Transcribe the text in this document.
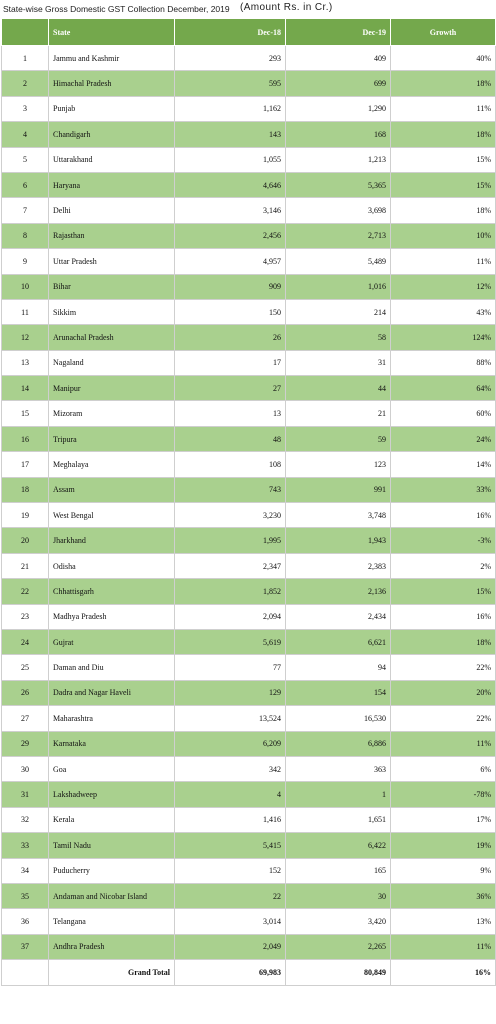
State-wise Gross Domestic GST Collection December, 2019 (Amount Rs. in Cr.)
	State	Dec-18	Dec-19	Growth
1	Jammu and Kashmir	293	409	40%
2	Himachal Pradesh	595	699	18%
3	Punjab	1,162	1,290	11%
4	Chandigarh	143	168	18%
5	Uttarakhand	1,055	1,213	15%
6	Haryana	4,646	5,365	15%
7	Delhi	3,146	3,698	18%
8	Rajasthan	2,456	2,713	10%
9	Uttar Pradesh	4,957	5,489	11%
10	Bihar	909	1,016	12%
11	Sikkim	150	214	43%
12	Arunachal Pradesh	26	58	124%
13	Nagaland	17	31	88%
14	Manipur	27	44	64%
15	Mizoram	13	21	60%
16	Tripura	48	59	24%
17	Meghalaya	108	123	14%
18	Assam	743	991	33%
19	West Bengal	3,230	3,748	16%
20	Jharkhand	1,995	1,943	-3%
21	Odisha	2,347	2,383	2%
22	Chhattisgarh	1,852	2,136	15%
23	Madhya Pradesh	2,094	2,434	16%
24	Gujrat	5,619	6,621	18%
25	Daman and Diu	77	94	22%
26	Dadra and Nagar Haveli	129	154	20%
27	Maharashtra	13,524	16,530	22%
29	Karnataka	6,209	6,886	11%
30	Goa	342	363	6%
31	Lakshadweep	4	1	-78%
32	Kerala	1,416	1,651	17%
33	Tamil Nadu	5,415	6,422	19%
34	Puducherry	152	165	9%
35	Andaman and Nicobar Island	22	30	36%
36	Telangana	3,014	3,420	13%
37	Andhra Pradesh	2,049	2,265	11%
	Grand Total	69,983	80,849	16%
